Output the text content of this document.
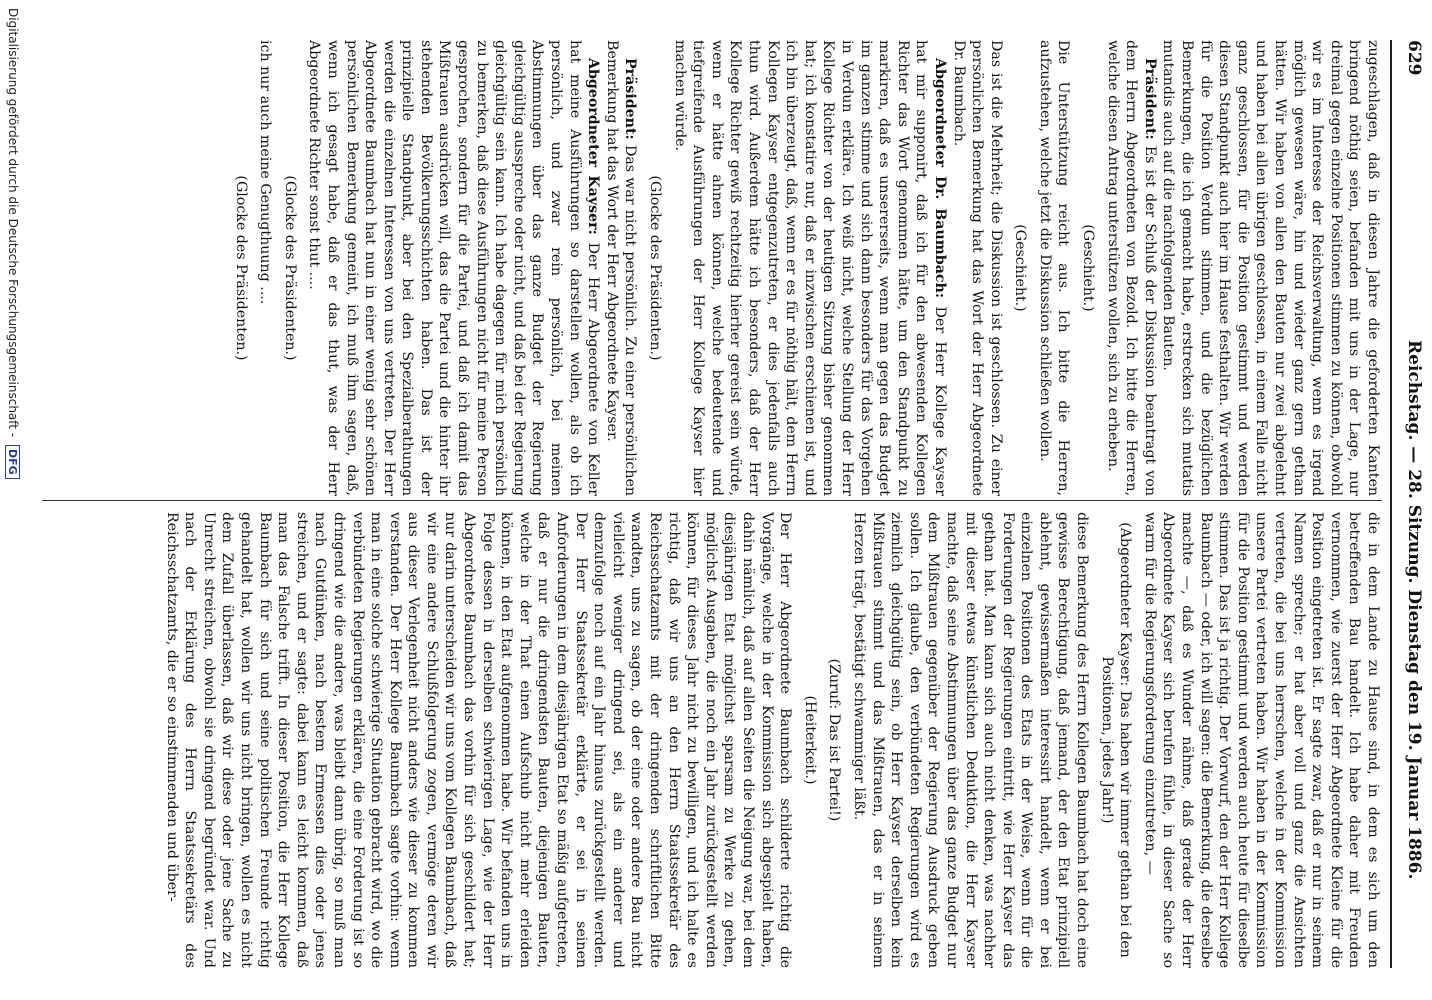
629
Reichstag. — 28. Sitzung. Dienstag den 19. Januar 1886.

zugeschlagen, daß in diesen Jahre die geforderten Kanten bringend nöthig seien, befanden mit uns in der Lage, nur dreimal gegen einzelne Positionen stimmen zu können, obwohl wir es im Interesse der Reichsverwaltung, wenn es irgend möglich gewesen wäre, hin und wieder ganz gern gethan hätten. Wir haben von allen den Bauten nur zwei abgelehnt und haben bei allen übrigen geschlossen, in einem Falle nicht ganz geschlossen, für die Position gestimmt und werden diesen Standpunkt auch hier im Hause festhalten. Wir werden für die Position Verdun stimmen, und die bezüglichen Bemerkungen, die ich gemacht habe, erstrecken sich mutatis mutandis auch auf die nachfolgenden Bauten.

Präsident: Es ist der Schluß der Diskussion beantragt von dem Herrn Abgeordneten von Bezold. Ich bitte die Herren, welche diesen Antrag unterstützen wollen, sich zu erheben.

(Geschieht.)

Die Unterstützung reicht aus. Ich bitte die Herren, aufzustehen, welche jetzt die Diskussion schließen wollen.

(Geschieht.)

Das ist die Mehrheit; die Diskussion ist geschlossen. Zu einer persönlichen Bemerkung hat das Wort der Herr Abgeordnete Dr. Baumbach.

Abgeordneter Dr. Baumbach: Der Herr Kollege Kayser hat mir supponirt, daß ich für den abwesenden Kollegen Richter das Wort genommen hätte, um den Standpunkt zu markiren, daß es unsererseits, wenn man gegen das Budget im ganzen stimme und sich dann besonders für das Vorgehen in Verdun erkläre. Ich weiß nicht, welche Stellung der Herr Kollege Richter von der heutigen Sitzung bisher genommen hat; ich konstatire nur, daß er inzwischen erschienen ist, und ich bin überzeugt, daß, wenn er es für nöthig hält, dem Herrn Kollegen Kayser entgegenzutreten, er dies jedenfalls auch thun wird. Außerdem hätte ich besonders, daß der Herr Kollege Richter gewiß rechtzeitig hierher gereist sein würde, wenn er hätte ahnen können, welche bedeutende und tiefgreifende Ausführungen der Herr Kollege Kayser hier machen würde.

(Glocke des Präsidenten.)

Präsident: Das war nicht persönlich. Zu einer persönlichen Bemerkung hat das Wort der Herr Abgeordnete Kayser.

Abgeordneter Kayser: Der Herr Abgeordnete von Keller hat meine Ausführungen so darstellen wollen, als ob ich persönlich, und zwar rein persönlich, bei meinen Abstimmungen über das ganze Budget der Regierung gleichgültig ausspreche oder nicht, und daß bei der Regierung gleichgültig sein kann. Ich habe dagegen für mich persönlich zu bemerken, daß diese Ausführungen nicht für meine Person gesprochen, sondern für die Partei, und daß ich damit das Mißtrauen ausdrücken will, das die Partei und die hinter ihr stehenden Bevölkerungsschichten haben. Das ist der prinzipielle Standpunkt, aber bei den Spezialberathungen werden die einzelnen Interessen von uns vertreten. Der Herr Abgeordnete Baumbach hat nun in einer wenig sehr schönen persönlichen Bemerkung gemeint, ich muß ihm sagen, daß, wenn ich gesagt habe, daß er das thut, was der Herr Abgeordnete Richter sonst thut ....

(Glocke des Präsidenten.)

ich nur auch meine Genugthuung ....

(Glocke des Präsidenten.)

die in dem Lande zu Hause sind, in dem es sich um den betreffenden Bau handelt. Ich habe daher mit Freuden vernommen, wie zuerst der Herr Abgeordnete Kleine für die Position eingetreten ist. Er sagte zwar, daß er nur in seinem Namen spreche; er hat aber voll und ganz die Ansichten vertreten, die bei uns herrschen, welche in der Kommission unsere Partei vertreten haben. Wir haben in der Kommission für die Position gestimmt und werden auch heute für dieselbe stimmen. Das ist ja richtig. Der Vorwurf, den der Herr Kollege Baumbach — oder, ich will sagen: die Bemerkung, die derselbe machte —, daß es Wunder nähme, daß gerade der Herr Abgeordnete Kayser sich berufen fühle, in dieser Sache so warm für die Regierungsforderung einzutreten, —

(Abgeordneter Kayser: Das haben wir immer gethan bei den Positionen, jedes Jahr!)

diese Bemerkung des Herrn Kollegen Baumbach hat doch eine gewisse Berechtigung, daß jemand, der den Etat prinzipiell ablehnt, gewissermaßen interessirt handelt, wenn er bei einzelnen Positionen des Etats in der Weise, wenn für die Forderungen der Regierungen eintritt, wie Herr Kayser das gethan hat. Man kann sich auch nicht denken, was nachher mit dieser etwas künstlichen Deduktion, die Herr Kayser machte, daß seine Abstimmungen über das ganze Budget nur dem Mißtrauen gegenüber der Regierung Ausdruck geben sollen. Ich glaube, den verbündeten Regierungen wird es ziemlich gleichgültig sein, ob Herr Kayser derselben kein Mißtrauen stimmt und das Mißtrauen, das er in seinem Herzen trägt, bestätigt schwammiger läßt.

(Zuruf: Das ist Partei!)

(Heiterkeit.)

Der Herr Abgeordnete Baumbach schilderte richtig die Vorgänge, welche in der Kommission sich abgespielt haben, dahin nämlich, daß auf allen Seiten die Neigung war, bei dem diesjährigen Etat möglichst sparsam zu Werke zu gehen, möglichst Ausgaben, die noch ein Jahr zurückgestellt werden können, für dieses Jahr nicht zu bewilligen, und ich halte es richtig, daß wir uns an den Herrn Staatssekretär des Reichsschatzamts mit der dringenden schriftlichen Bitte wandten, uns zu sagen, ob der eine oder andere Bau nicht vielleicht weniger dringend sei, als ein anderer und demzufolge noch auf ein Jahr hinaus zurückgestellt werden. Der Herr Staatssekretär erklärte, er sei in seinen Anforderungen in dem diesjährigen Etat so mäßig aufgetreten, daß er nur die dringendsten Bauten, diejenigen Bauten, welche in der That einen Aufschub nicht mehr erleiden können, in den Etat aufgenommen habe. Wir befanden uns in Folge dessen in derselben schwierigen Lage, wie der Herr Abgeordnete Baumbach das vorhin für sich geschildert hat; nur darin unterscheiden wir uns vom Kollegen Baumbach, daß wir eine andere Schlußfolgerung zogen, vermöge deren wir aus dieser Verlegenheit nicht anders wie dieser zu kommen verstanden. Der Herr Kollege Baumbach sagte vorhin: wenn man in eine solche schwierige Situation gebracht wird, wo die verbündeten Regierungen erklären, die eine Forderung ist so dringend wie die andere, was bleibt dann übrig, so muß man nach Gutdünken, nach bestem Ermessen dies oder jenes streichen, und er sagte: dabei kann es leicht kommen, daß man das Falsche trifft. In dieser Position, die Herr Kollege Baumbach für sich und seine politischen Freunde richtig gehandelt hat, wollen wir uns nicht bringen, wollen es nicht dem Zufall überlassen, daß wir diese oder jene Sache zu Unrecht streichen, obwohl sie dringend begründet war. Und nach der Erklärung des Herrn Staatssekretärs des Reichsschatzamts, die er so einstimmenden und über-

Digitalisierung gefördert durch die Deutsche Forschungsgemeinschaft - DFG
